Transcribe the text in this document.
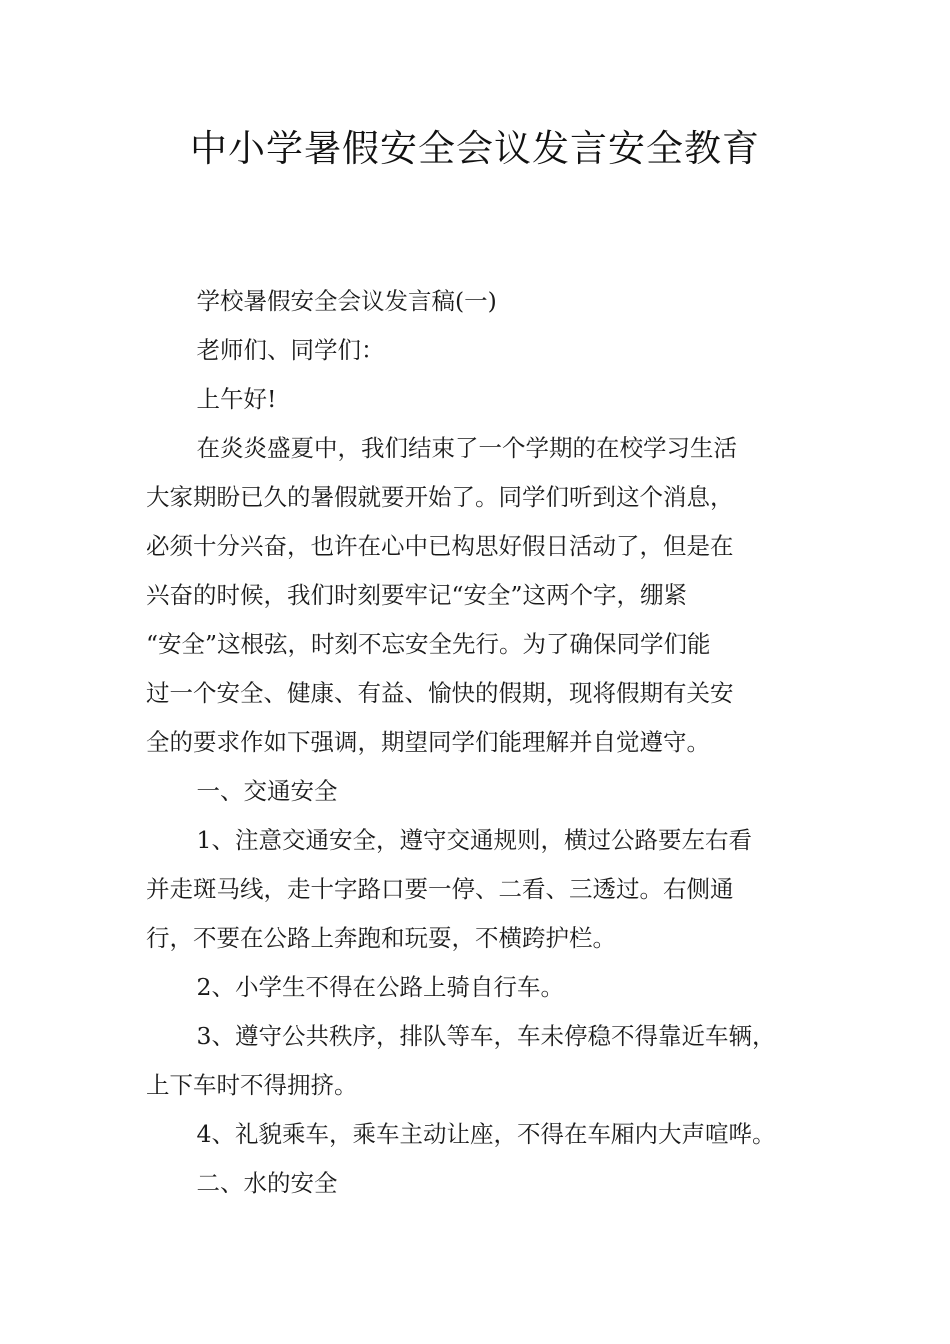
中小学暑假安全会议发言安全教育

学校暑假安全会议发言稿(一)

老师们、同学们：

上午好!

在炎炎盛夏中，我们结束了一个学期的在校学习生活
大家期盼已久的暑假就要开始了。同学们听到这个消息，
必须十分兴奋，也许在心中已构思好假日活动了，但是在
兴奋的时候，我们时刻要牢记“安全”这两个字，绷紧
“安全”这根弦，时刻不忘安全先行。为了确保同学们能
过一个安全、健康、有益、愉快的假期，现将假期有关安
全的要求作如下强调，期望同学们能理解并自觉遵守。

一、交通安全

1、注意交通安全，遵守交通规则，横过公路要左右看
并走斑马线，走十字路口要一停、二看、三透过。右侧通
行，不要在公路上奔跑和玩耍，不横跨护栏。

2、小学生不得在公路上骑自行车。

3、遵守公共秩序，排队等车，车未停稳不得靠近车辆，
上下车时不得拥挤。

4、礼貌乘车，乘车主动让座，不得在车厢内大声喧哗。

二、水的安全
